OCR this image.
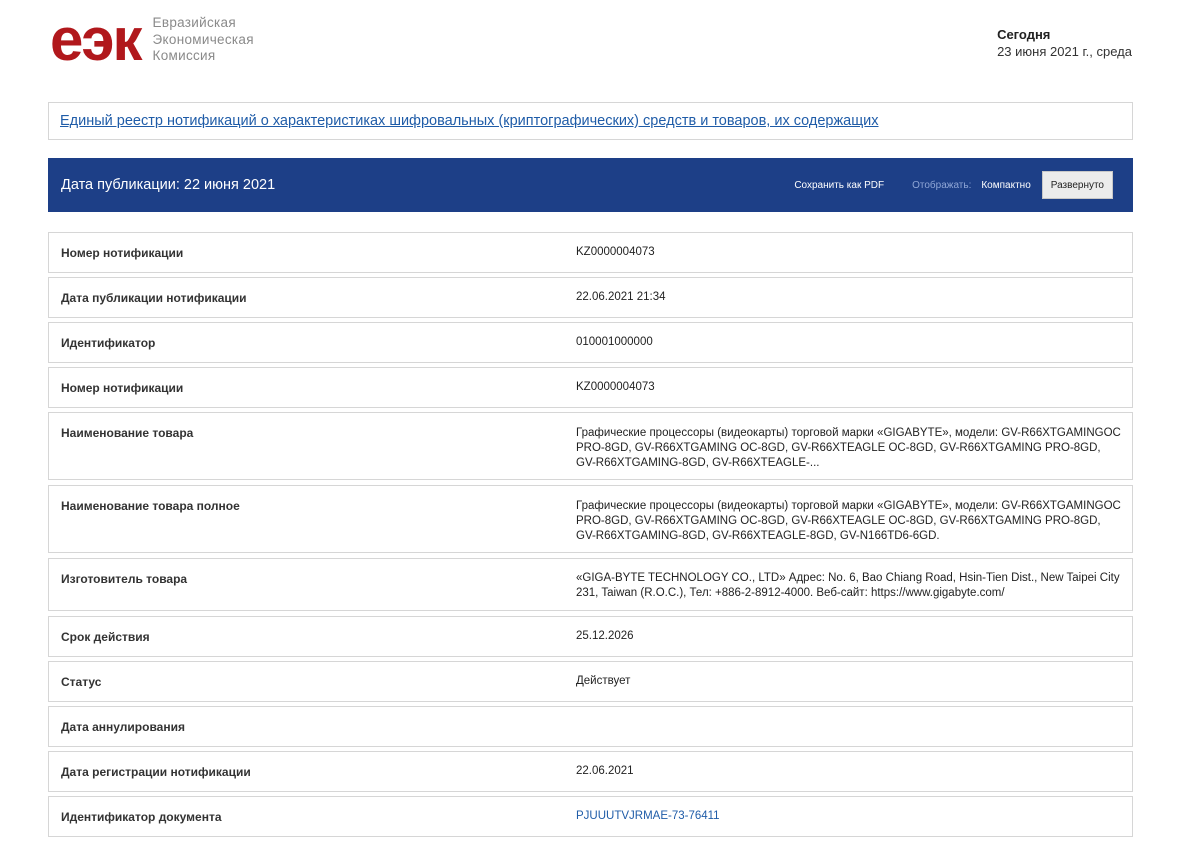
еэк Евразийская
Экономическая
Комиссия
Сегодня
23 июня 2021 г., среда
Единый реестр нотификаций о характеристиках шифровальных (криптографических) средств и товаров, их содержащих
Дата публикации: 22 июня 2021	Сохранить как PDF	Отображать: Компактно	Развернуто
Номер нотификации	KZ0000004073
Дата публикации нотификации	22.06.2021 21:34
Идентификатор	010001000000
Номер нотификации	KZ0000004073
Наименование товара	Графические процессоры (видеокарты) торговой марки «GIGABYTE», модели: GV-R66XTGAMINGOC PRO-8GD, GV-R66XTGAMING OC-8GD, GV-R66XTEAGLE OC-8GD, GV-R66XTGAMING PRO-8GD, GV-R66XTGAMING-8GD, GV-R66XTEAGLE-...
Наименование товара полное	Графические процессоры (видеокарты) торговой марки «GIGABYTE», модели: GV-R66XTGAMINGOC PRO-8GD, GV-R66XTGAMING OC-8GD, GV-R66XTEAGLE OC-8GD, GV-R66XTGAMING PRO-8GD, GV-R66XTGAMING-8GD, GV-R66XTEAGLE-8GD, GV-N166TD6-6GD.
Изготовитель товара	«GIGA-BYTE TECHNOLOGY CO., LTD» Адрес: No. 6, Bao Chiang Road, Hsin-Tien Dist., New Taipei City 231, Taiwan (R.O.C.), Тел: +886-2-8912-4000. Веб-сайт: https://www.gigabyte.com/
Срок действия	25.12.2026
Статус	Действует
Дата аннулирования
Дата регистрации нотификации	22.06.2021
Идентификатор документа	PJUUUTVJRMAE-73-76411
